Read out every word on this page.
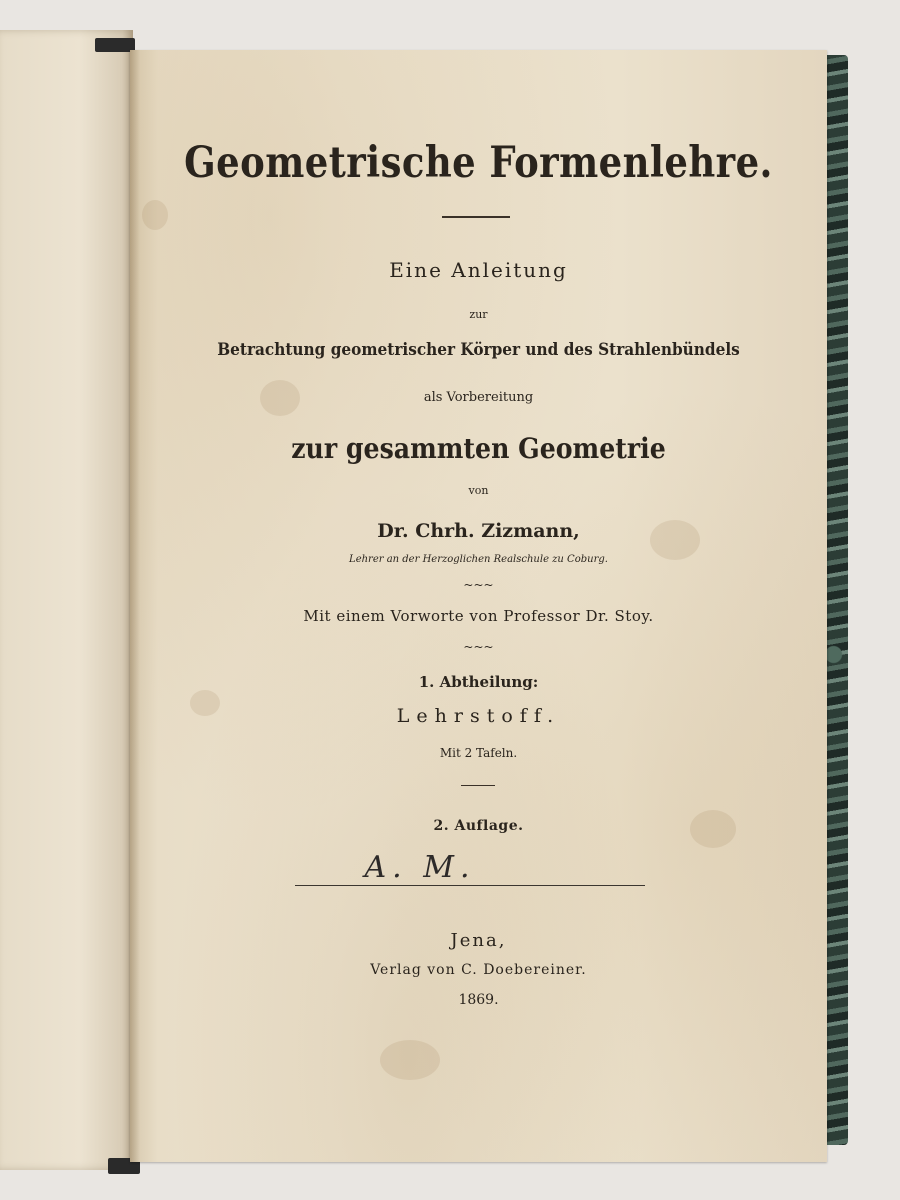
Geometrische Formenlehre.
Eine Anleitung
zur
Betrachtung geometrischer Körper und des Strahlenbündels
als Vorbereitung
zur gesammten Geometrie
von
Dr. Chrh. Zizmann,
Lehrer an der Herzoglichen Realschule zu Coburg.
~~~
Mit einem Vorworte von Professor Dr. Stoy.
~~~
1. Abtheilung:
Lehrstoff.
Mit 2 Tafeln.
2. Auflage.
A. M.
Jena,
Verlag von C. Doebereiner.
1869.
